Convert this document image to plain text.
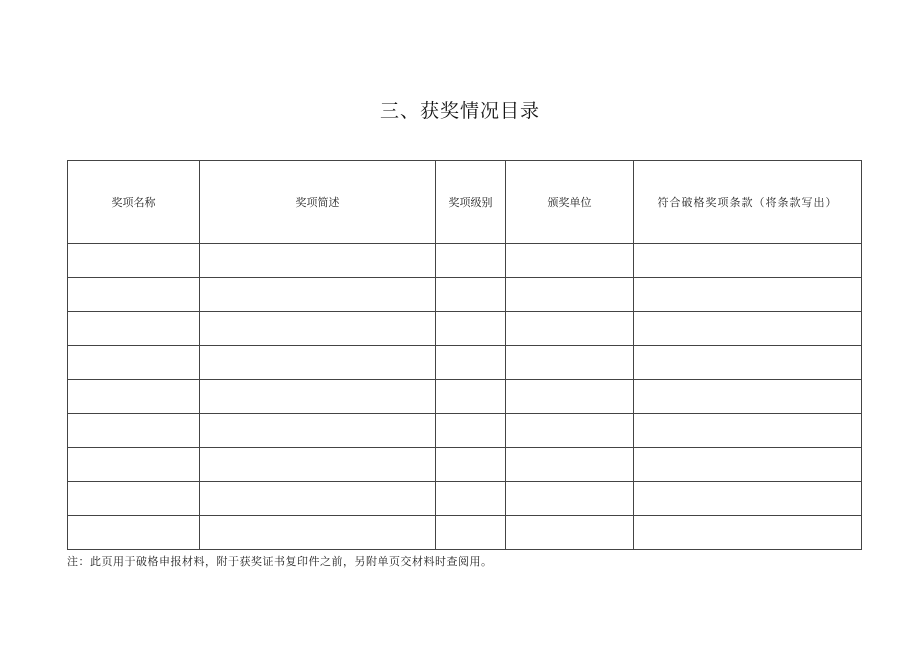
三、获奖情况目录
奖项名称	奖项简述	奖项级别	颁奖单位	符合破格奖项条款（将条款写出）

注：此页用于破格申报材料，附于获奖证书复印件之前，另附单页交材料时查阅用。
